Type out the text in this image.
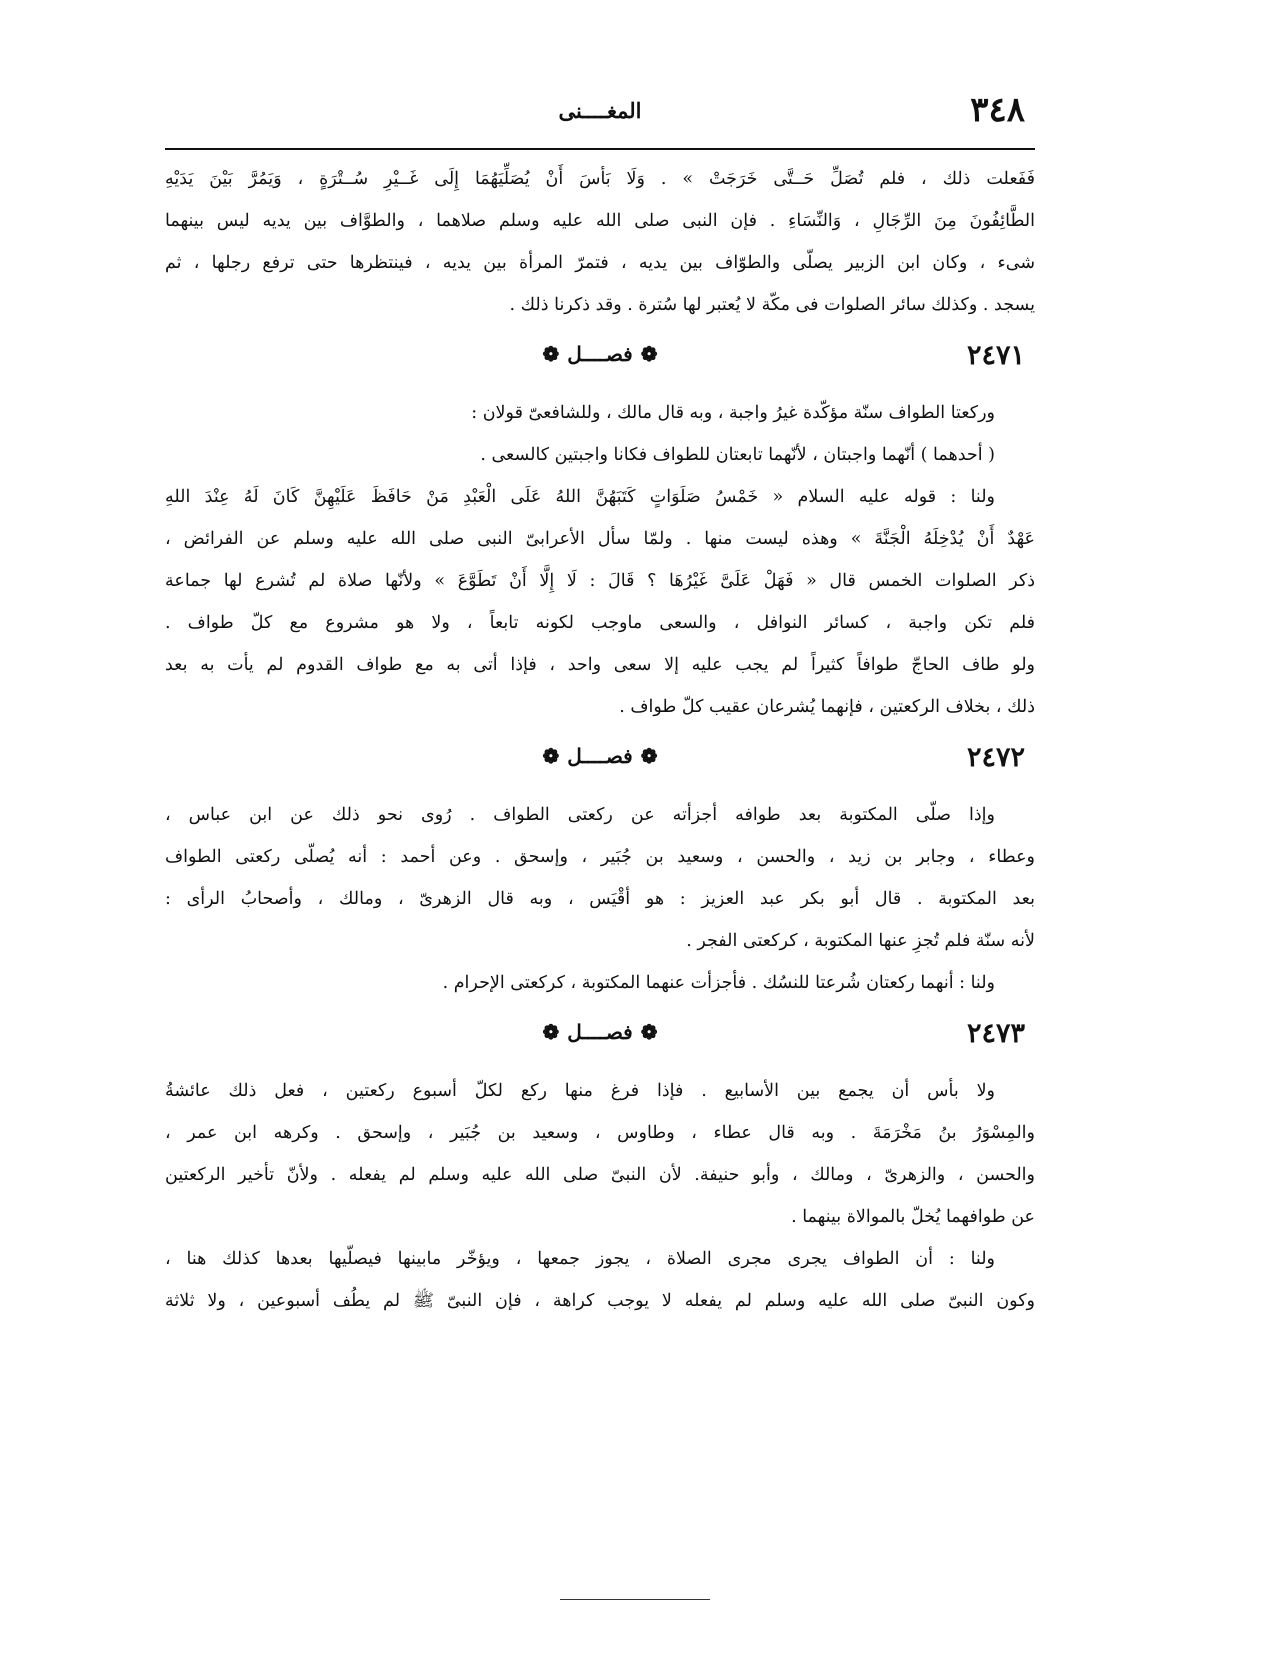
٣٤٨
المغــــنى
فَفَعلت ذلك ، فلم تُصَلِّ حَــتَّى خَرَجَتْ » . وَلَا بَأسَ أَنْ يُصَلِّيَهُمَا إِلَى غَــيْرِ سُــتْرَةٍ ، وَيَمُرَّ بَيْنَ يَدَيْهِ
الطَّائِفُونَ مِنَ الرِّجَالِ ، وَالنِّسَاءِ . فإن النبى صلى الله عليه وسلم صلاهما ، والطوَّاف بين يديه ليس بينهما
شىء ، وكان ابن الزبير يصلّى والطوّاف بين يديه ، فتمرّ المرأة بين يديه ، فينتظرها حتى ترفع رجلها ، ثم
يسجد . وكذلك سائر الصلوات فى مكّة لا يُعتبر لها سُترة . وقد ذكرنا ذلك .
٢٤٧١
❁فصــــل❁
وركعتا الطواف سنّة مؤكّدة غيرُ واجبة ، وبه قال مالك ، وللشافعىّ قولان :
( أحدهما ) أنّهما واجبتان ، لأنّهما تابعتان للطواف فكانا واجبتين كالسعى .
ولنا : قوله عليه السلام « خَمْسُ صَلَوَاتٍ كَتَبَهُنَّ اللهُ عَلَى الْعَبْدِ مَنْ حَافَظَ عَلَيْهِنَّ كَانَ لَهُ عِنْدَ اللهِ
عَهْدٌ أَنْ يُدْخِلَهُ الْجَنَّةَ » وهذه ليست منها . ولمّا سأل الأعرابىّ النبى صلى الله عليه وسلم عن الفرائض ،
ذكر الصلوات الخمس قال « فَهَلْ عَلَىَّ غَيْرُهَا ؟ قَالَ : لَا إِلَّا أَنْ تَطَوَّعَ » ولأنّها صلاة لم تُشرع لها جماعة
فلم تكن واجبة ، كسائر النوافل ، والسعى ماوجب لكونه تابعاً ، ولا هو مشروع مع كلّ طواف .
ولو طاف الحاجّ طوافاً كثيراً لم يجب عليه إلا سعى واحد ، فإذا أتى به مع طواف القدوم لم يأت به بعد
ذلك ، بخلاف الركعتين ، فإنهما يُشرعان عقيب كلّ طواف .
٢٤٧٢
❁فصــــل❁
وإذا صلّى المكتوبة بعد طوافه أجزأته عن ركعتى الطواف . رُوى نحو ذلك عن ابن عباس ،
وعطاء ، وجابر بن زيد ، والحسن ، وسعيد بن جُبَير ، وإسحق . وعن أحمد : أنه يُصلّى ركعتى الطواف
بعد المكتوبة . قال أبو بكر عبد العزيز : هو أقْيَس ، وبه قال الزهرىّ ، ومالك ، وأصحابُ الرأى :
لأنه سنّة فلم تُجزِ عنها المكتوبة ، كركعتى الفجر .
ولنا : أنهما ركعتان شُرعتا للنسُك . فأجزأت عنهما المكتوبة ، كركعتى الإحرام .
٢٤٧٣
❁فصــــل❁
ولا بأس أن يجمع بين الأسابيع . فإذا فرغ منها ركع لكلّ أسبوع ركعتين ، فعل ذلك عائشةُ
والمِسْوَرُ بنُ مَخْرَمَةَ . وبه قال عطاء ، وطاوس ، وسعيد بن جُبَير ، وإسحق . وكرهه ابن عمر ،
والحسن ، والزهرىّ ، ومالك ، وأبو حنيفة. لأن النبىّ صلى الله عليه وسلم لم يفعله . ولأنّ تأخير الركعتين
عن طوافهما يُخلّ بالموالاة بينهما .
ولنا : أن الطواف يجرى مجرى الصلاة ، يجوز جمعها ، ويؤخّر مابينها فيصلّيها بعدها كذلك هنا ،
وكون النبىّ صلى الله عليه وسلم لم يفعله لا يوجب كراهة ، فإن النبىّ ﷺ لم يطُف أسبوعين ، ولا ثلاثة
